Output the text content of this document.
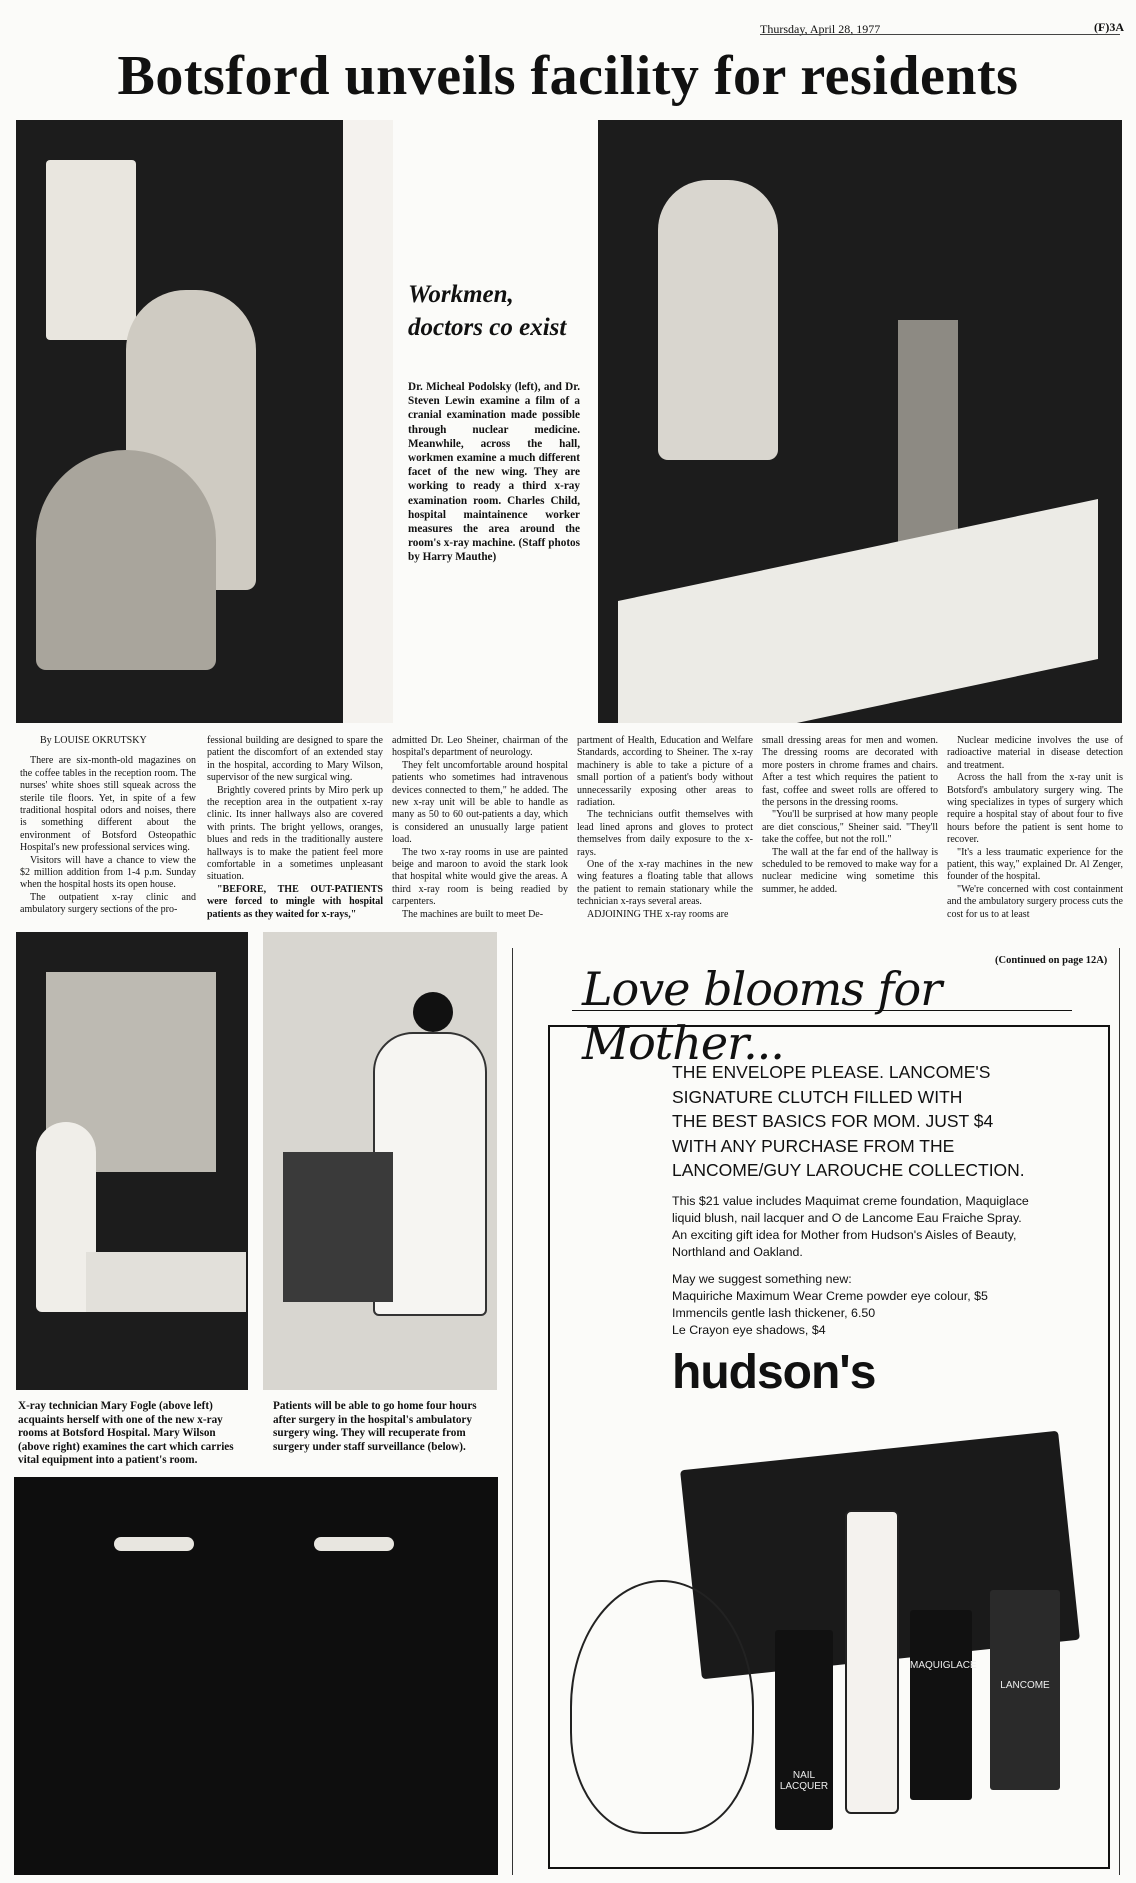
Thursday, April 28, 1977	(F)3A
Botsford unveils facility for residents
Workmen,
doctors co exist
Dr. Micheal Podolsky (left), and Dr. Steven Lewin examine a film of a cranial examination made possible through nuclear medicine. Meanwhile, across the hall, workmen examine a much different facet of the new wing. They are working to ready a third x-ray examination room. Charles Child, hospital maintainence worker measures the area around the room's x-ray machine. (Staff photos by Harry Mauthe)

By LOUISE OKRUTSKY

There are six-month-old magazines on the coffee tables in the reception room. The nurses' white shoes still squeak across the sterile tile floors. Yet, in spite of a few traditional hospital odors and noises, there is something different about the environment of Botsford Osteopathic Hospital's new professional services wing.

Visitors will have a chance to view the $2 million addition from 1-4 p.m. Sunday when the hospital hosts its open house.

The outpatient x-ray clinic and ambulatory surgery sections of the pro-

fessional building are designed to spare the patient the discomfort of an extended stay in the hospital, according to Mary Wilson, supervisor of the new surgical wing.

Brightly covered prints by Miro perk up the reception area in the outpatient x-ray clinic. Its inner hallways also are covered with prints. The bright yellows, oranges, blues and reds in the traditionally austere hallways is to make the patient feel more comfortable in a sometimes unpleasant situation.

"BEFORE, THE OUT-PATIENTS were forced to mingle with hospital patients as they waited for x-rays,"

admitted Dr. Leo Sheiner, chairman of the hospital's department of neurology.

They felt uncomfortable around hospital patients who sometimes had intravenous devices connected to them," he added. The new x-ray unit will be able to handle as many as 50 to 60 out-patients a day, which is considered an unusually large patient load.

The two x-ray rooms in use are painted beige and maroon to avoid the stark look that hospital white would give the areas. A third x-ray room is being readied by carpenters.

The machines are built to meet De-

partment of Health, Education and Welfare Standards, according to Sheiner. The x-ray machinery is able to take a picture of a small portion of a patient's body without unnecessarily exposing other areas to radiation.

The technicians outfit themselves with lead lined aprons and gloves to protect themselves from daily exposure to the x-rays.

One of the x-ray machines in the new wing features a floating table that allows the patient to remain stationary while the technician x-rays several areas.

ADJOINING THE x-ray rooms are

small dressing areas for men and women. The dressing rooms are decorated with more posters in chrome frames and chairs. After a test which requires the patient to fast, coffee and sweet rolls are offered to the persons in the dressing rooms.

"You'll be surprised at how many people are diet conscious," Sheiner said. "They'll take the coffee, but not the roll."

The wall at the far end of the hallway is scheduled to be removed to make way for a nuclear medicine wing sometime this summer, he added.

Nuclear medicine involves the use of radioactive material in disease detection and treatment.

Across the hall from the x-ray unit is Botsford's ambulatory surgery wing. The wing specializes in types of surgery which require a hospital stay of about four to five hours before the patient is sent home to recover.

"It's a less traumatic experience for the patient, this way," explained Dr. Al Zenger, founder of the hospital.

"We're concerned with cost containment and the ambulatory surgery process cuts the cost for us to at least

(Continued on page 12A)
X-ray technician Mary Fogle (above left) acquaints herself with one of the new x-ray rooms at Botsford Hospital. Mary Wilson (above right) examines the cart which carries vital equipment into a patient's room.
Patients will be able to go home four hours after surgery in the hospital's ambulatory surgery wing. They will recuperate from surgery under staff surveillance (below).
Love blooms for Mother...
THE ENVELOPE PLEASE. LANCOME'S
SIGNATURE CLUTCH FILLED WITH
THE BEST BASICS FOR MOM. JUST $4
WITH ANY PURCHASE FROM THE
LANCOME/GUY LAROUCHE COLLECTION.
This $21 value includes Maquimat creme foundation, Maquiglace liquid blush, nail lacquer and O de Lancome Eau Fraiche Spray. An exciting gift idea for Mother from Hudson's Aisles of Beauty, Northland and Oakland.
May we suggest something new:
Maquiriche Maximum Wear Creme powder eye colour, $5
Immencils gentle lash thickener, 6.50
Le Crayon eye shadows, $4
hudson's
NAIL LACQUER
MAQUIGLACE
LANCOME
